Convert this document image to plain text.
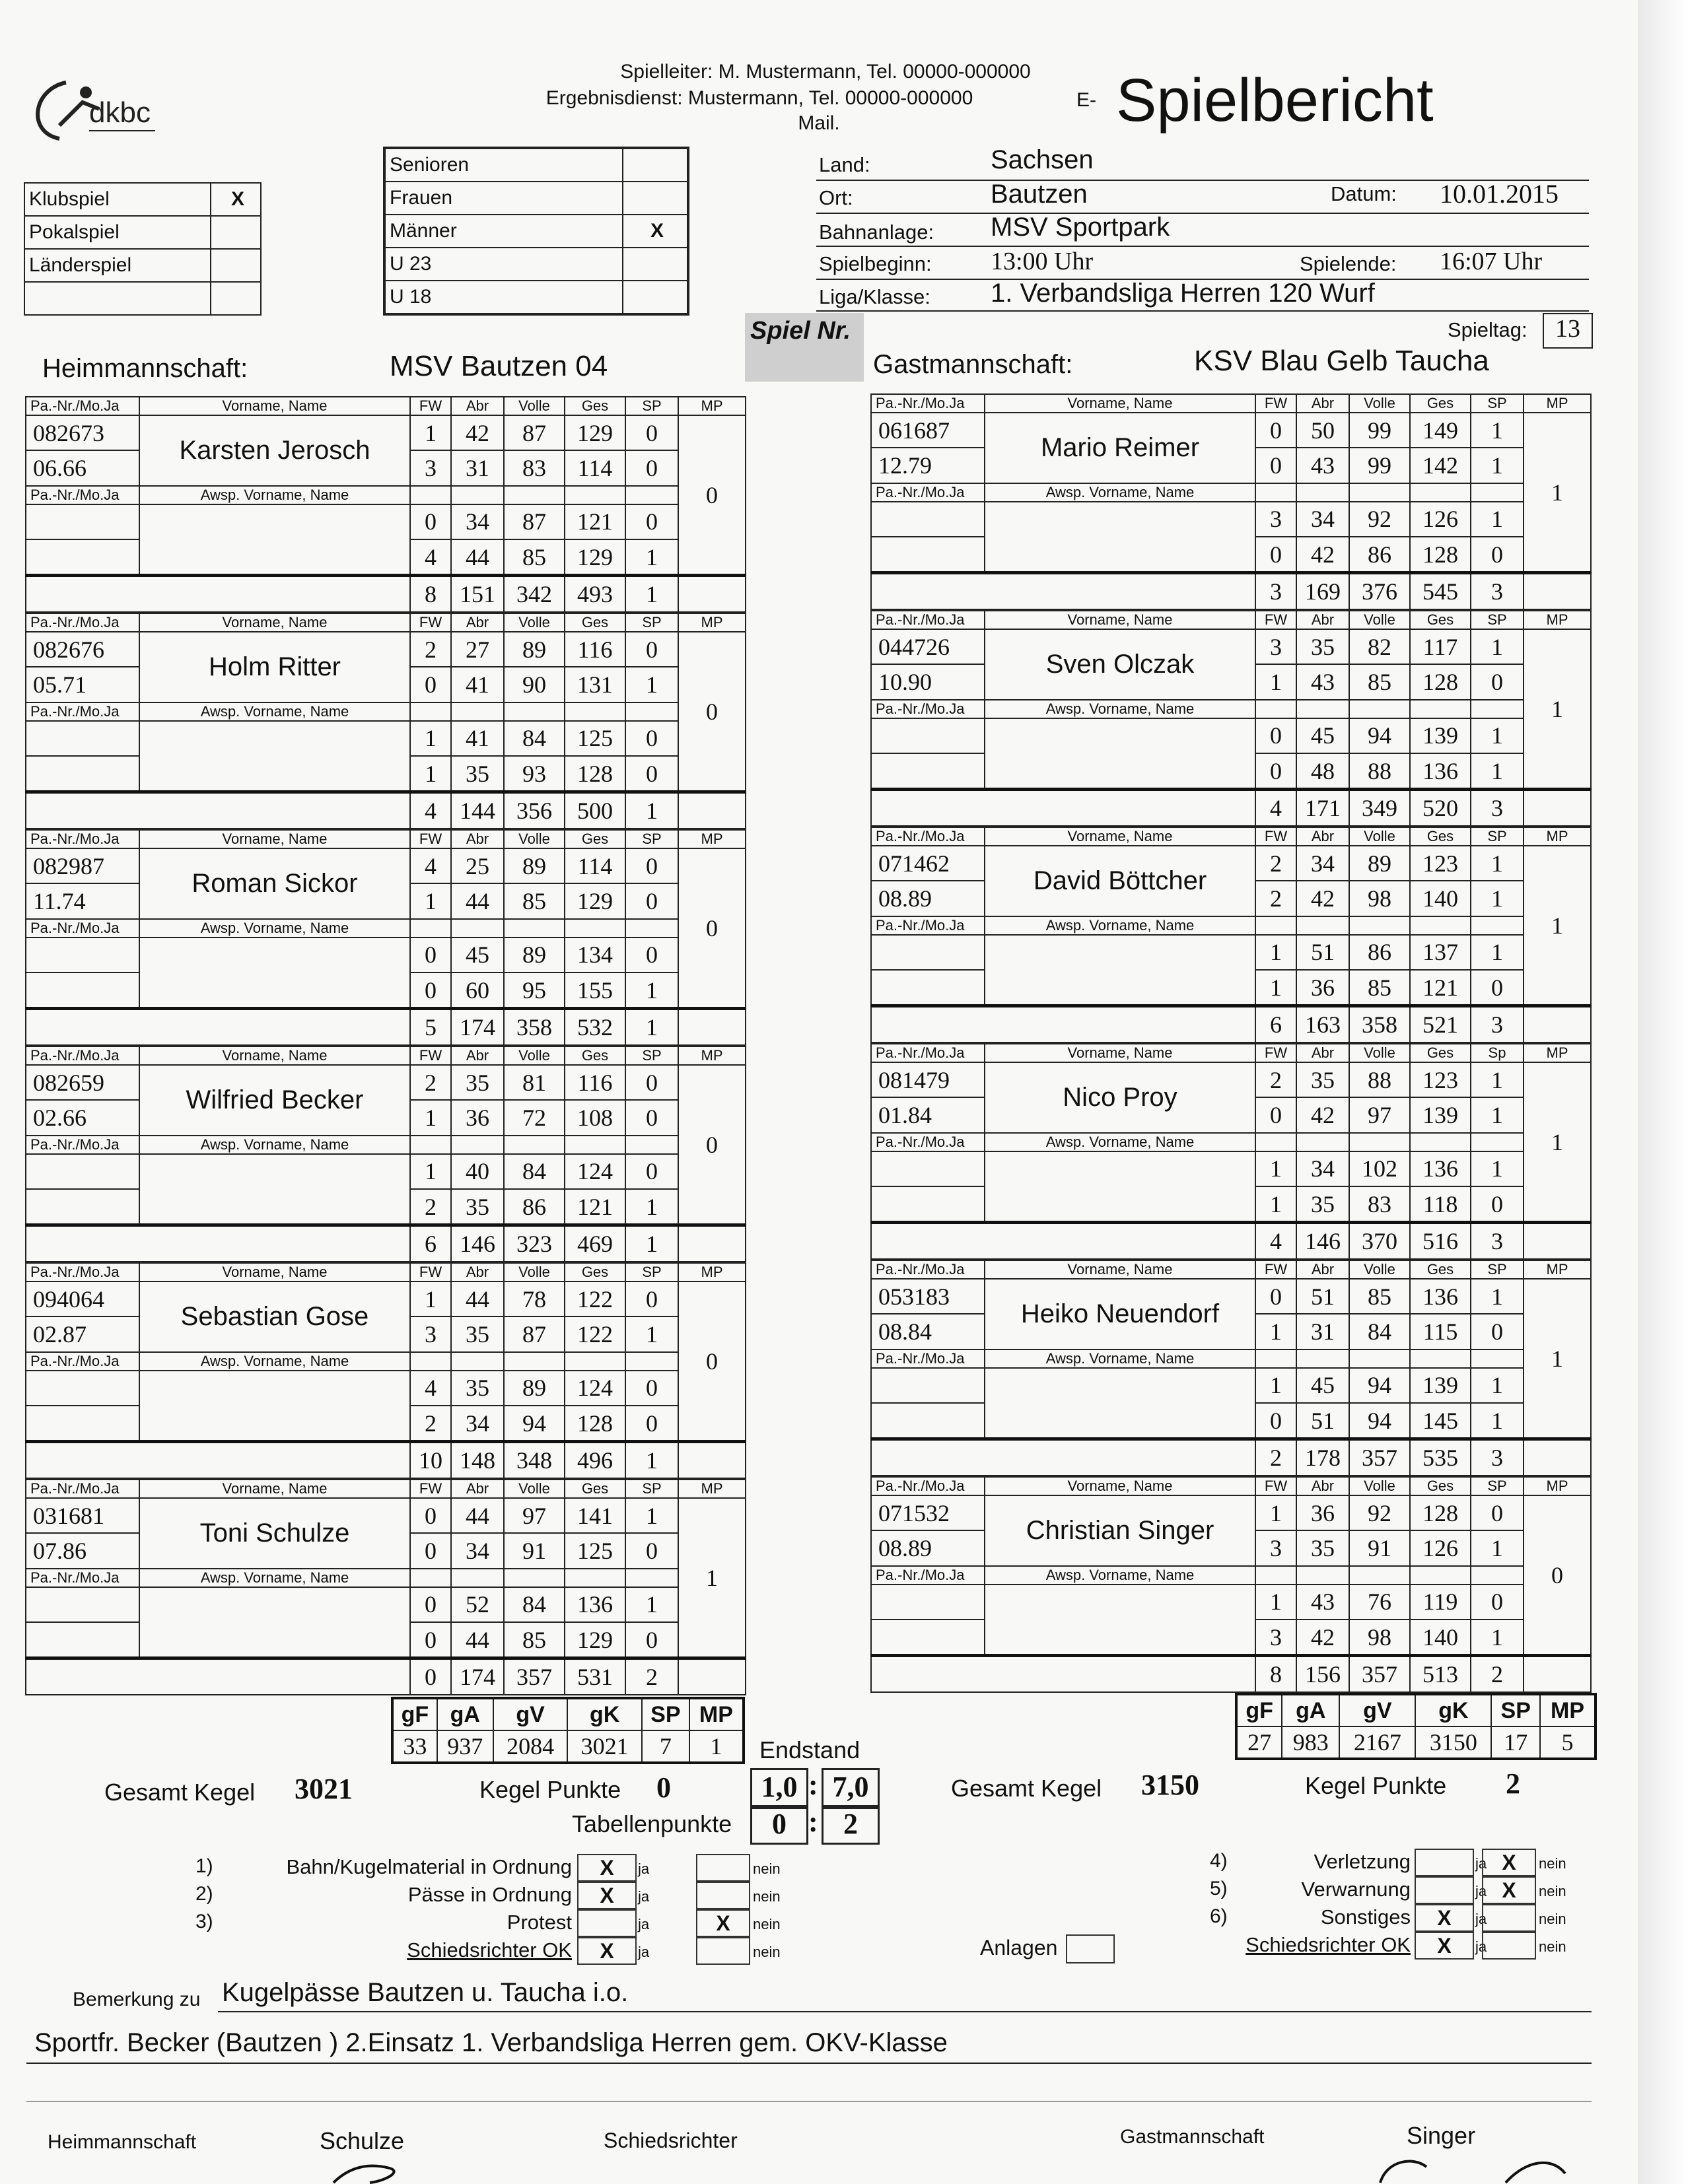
dkbc
Spielleiter: M. Mustermann, Tel. 00000-000000
Ergebnisdienst: Mustermann, Tel. 00000-000000
Mail.
E- Spielbericht
Klubspiel	X
Pokalspiel	
Länderspiel	

Senioren	
Frauen	
Männer	X
U 23	
U 18	
Land:	Sachsen
Ort:	Bautzen	Datum: 10.01.2015
Bahnanlage: MSV Sportpark
Spielbeginn: 13:00 Uhr	Spielende: 16:07 Uhr
Liga/Klasse: 1. Verbandsliga Herren 120 Wurf
Spiel Nr.	Spieltag:	13
Heimmannschaft:	MSV Bautzen 04	Gastmannschaft:	KSV Blau Gelb Taucha
Pa.-Nr./Mo.Ja	Vorname, Name	FW	Abr	Volle	Ges	SP	MP
082673	Karsten Jerosch	1	42	87	129	0	0
06.66		3	31	83	114	0	
Pa.-Nr./Mo.Ja	Awsp. Vorname, Name						
		0	34	87	121	0	
		4	44	85	129	1	
		8	151	342	493	1	
Pa.-Nr./Mo.Ja	Vorname, Name	FW	Abr	Volle	Ges	SP	MP
082676	Holm Ritter	2	27	89	116	0	0
05.71		0	41	90	131	1	
Pa.-Nr./Mo.Ja	Awsp. Vorname, Name						
		1	41	84	125	0	
		1	35	93	128	0	
		4	144	356	500	1	
Pa.-Nr./Mo.Ja	Vorname, Name	FW	Abr	Volle	Ges	SP	MP
082987	Roman Sickor	4	25	89	114	0	0
11.74		1	44	85	129	0	
Pa.-Nr./Mo.Ja	Awsp. Vorname, Name						
		0	45	89	134	0	
		0	60	95	155	1	
		5	174	358	532	1	
Pa.-Nr./Mo.Ja	Vorname, Name	FW	Abr	Volle	Ges	SP	MP
082659	Wilfried Becker	2	35	81	116	0	0
02.66		1	36	72	108	0	
Pa.-Nr./Mo.Ja	Awsp. Vorname, Name						
		1	40	84	124	0	
		2	35	86	121	1	
		6	146	323	469	1	
Pa.-Nr./Mo.Ja	Vorname, Name	FW	Abr	Volle	Ges	SP	MP
094064	Sebastian Gose	1	44	78	122	0	0
02.87		3	35	87	122	1	
Pa.-Nr./Mo.Ja	Awsp. Vorname, Name						
		4	35	89	124	0	
		2	34	94	128	0	
		10	148	348	496	1	
Pa.-Nr./Mo.Ja	Vorname, Name	FW	Abr	Volle	Ges	SP	MP
031681	Toni Schulze	0	44	97	141	1	1
07.86		0	34	91	125	0	
Pa.-Nr./Mo.Ja	Awsp. Vorname, Name						
		0	52	84	136	1	
		0	44	85	129	0	
		0	174	357	531	2	
Pa.-Nr./Mo.Ja	Vorname, Name	FW	Abr	Volle	Ges	SP	MP
061687	Mario Reimer	0	50	99	149	1	1
12.79		0	43	99	142	1	
Pa.-Nr./Mo.Ja	Awsp. Vorname, Name						
		3	34	92	126	1	
		0	42	86	128	0	
		3	169	376	545	3	
Pa.-Nr./Mo.Ja	Vorname, Name	FW	Abr	Volle	Ges	SP	MP
044726	Sven Olczak	3	35	82	117	1	1
10.90		1	43	85	128	0	
Pa.-Nr./Mo.Ja	Awsp. Vorname, Name						
		0	45	94	139	1	
		0	48	88	136	1	
		4	171	349	520	3	
Pa.-Nr./Mo.Ja	Vorname, Name	FW	Abr	Volle	Ges	SP	MP
071462	David Böttcher	2	34	89	123	1	1
08.89		2	42	98	140	1	
Pa.-Nr./Mo.Ja	Awsp. Vorname, Name						
		1	51	86	137	1	
		1	36	85	121	0	
		6	163	358	521	3	
Pa.-Nr./Mo.Ja	Vorname, Name	FW	Abr	Volle	Ges	Sp	MP
081479	Nico Proy	2	35	88	123	1	1
01.84		0	42	97	139	1	
Pa.-Nr./Mo.Ja	Awsp. Vorname, Name						
		1	34	102	136	1	
		1	35	83	118	0	
		4	146	370	516	3	
Pa.-Nr./Mo.Ja	Vorname, Name	FW	Abr	Volle	Ges	SP	MP
053183	Heiko Neuendorf	0	51	85	136	1	1
08.84		1	31	84	115	0	
Pa.-Nr./Mo.Ja	Awsp. Vorname, Name						
		1	45	94	139	1	
		0	51	94	145	1	
		2	178	357	535	3	
Pa.-Nr./Mo.Ja	Vorname, Name	FW	Abr	Volle	Ges	SP	MP
071532	Christian Singer	1	36	92	128	0	0
08.89		3	35	91	126	1	
Pa.-Nr./Mo.Ja	Awsp. Vorname, Name						
		1	43	76	119	0	
		3	42	98	140	1	
		8	156	357	513	2	
gF	gA	gV	gK	SP	MP
33	937	2084	3021	7	1
gF	gA	gV	gK	SP	MP
27	983	2167	3150	17	5
Endstand
Gesamt Kegel 3021	Kegel Punkte 0	1,0 : 7,0
Tabellenpunkte	0 : 2
Gesamt Kegel 3150	Kegel Punkte 2
1)	Bahn/Kugelmaterial in Ordnung	X	ja	nein
2)	Pässe in Ordnung	X	ja	nein
3)	Protest	ja	X	nein
Schiedsrichter OK	X	ja	nein
4)	Verletzung	ja X	nein
5)	Verwarnung	ja X	nein
6)	Sonstiges	X	ja	nein
Schiedsrichter OK	X	ja	nein
Anlagen
Bemerkung zu Kugelpässe Bautzen u. Taucha i.o.
Sportfr. Becker (Bautzen ) 2.Einsatz 1. Verbandsliga Herren gem. OKV-Klasse
Heimmannschaft	Schulze	Schiedsrichter	Gastmannschaft	Singer
